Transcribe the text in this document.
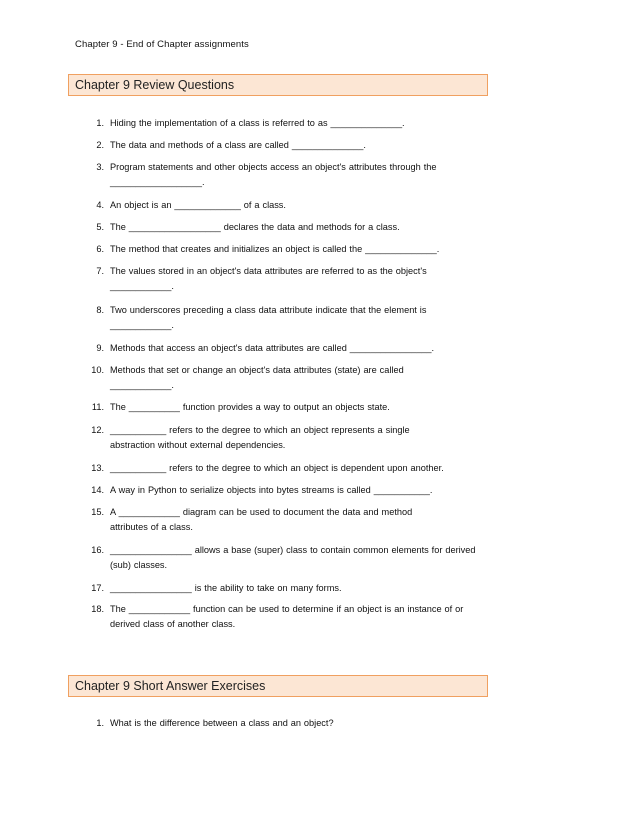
Chapter 9 - End of Chapter assignments
Chapter 9 Review Questions
1. Hiding the implementation of a class is referred to as ______________.
2. The data and methods of a class are called ______________.
3. Program statements and other objects access an object's attributes through the
__________________.
4. An object is an _____________ of a class.
5. The __________________ declares the data and methods for a class.
6. The method that creates and initializes an object is called the ______________.
7. The values stored in an object's data attributes are referred to as the object's
____________.
8. Two underscores preceding a class data attribute indicate that the element is
____________.
9. Methods that access an object's data attributes are called ________________.
10. Methods that set or change an object's data attributes (state) are called
____________.
11. The __________ function provides a way to output an objects state.
12. ___________ refers to the degree to which an object represents a single
abstraction without external dependencies.
13. ___________ refers to the degree to which an object is dependent upon another.
14. A way in Python to serialize objects into bytes streams is called ___________.
15. A ____________ diagram can be used to document the data and method
attributes of a class.
16. ________________ allows a base (super) class to contain common elements for derived
(sub) classes.
17. ________________ is the ability to take on many forms.
18. The ____________ function can be used to determine if an object is an instance of or
derived class of another class.
Chapter 9 Short Answer Exercises
1. What is the difference between a class and an object?
